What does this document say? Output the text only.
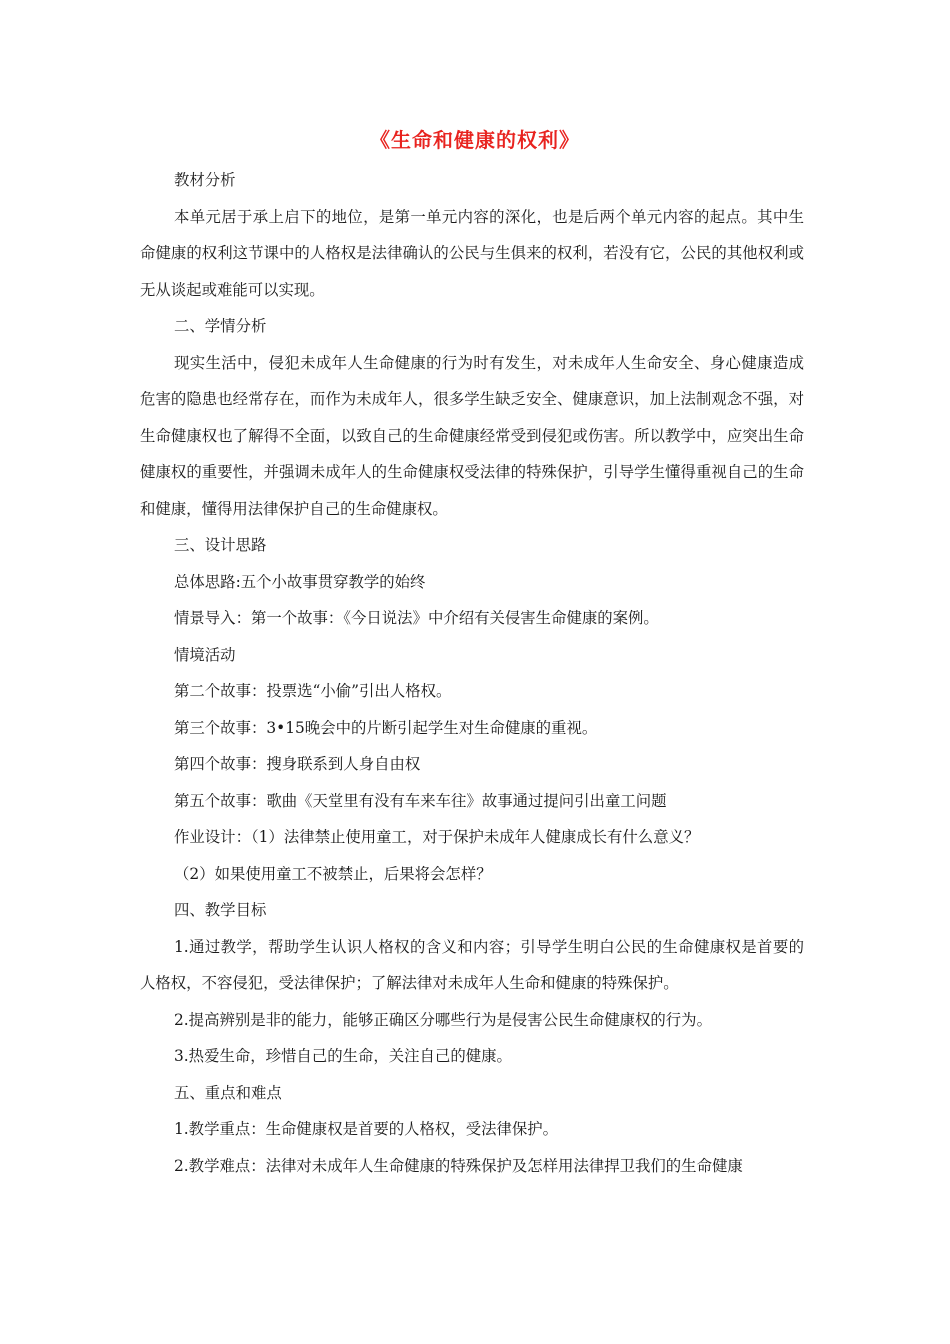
《生命和健康的权利》

教材分析

本单元居于承上启下的地位，是第一单元内容的深化，也是后两个单元内容的起点。其中生命健康的权利这节课中的人格权是法律确认的公民与生俱来的权利，若没有它，公民的其他权利或无从谈起或难能可以实现。

二、学情分析

现实生活中，侵犯未成年人生命健康的行为时有发生，对未成年人生命安全、身心健康造成危害的隐患也经常存在，而作为未成年人，很多学生缺乏安全、健康意识，加上法制观念不强，对生命健康权也了解得不全面，以致自己的生命健康经常受到侵犯或伤害。所以教学中，应突出生命健康权的重要性，并强调未成年人的生命健康权受法律的特殊保护，引导学生懂得重视自己的生命和健康，懂得用法律保护自己的生命健康权。

三、设计思路

总体思路:五个小故事贯穿教学的始终

情景导入：第一个故事：《今日说法》中介绍有关侵害生命健康的案例。

情境活动

第二个故事：投票选“小偷”引出人格权。

第三个故事：3•15晚会中的片断引起学生对生命健康的重视。

第四个故事：搜身联系到人身自由权

第五个故事：歌曲《天堂里有没有车来车往》故事通过提问引出童工问题

作业设计：（1）法律禁止使用童工，对于保护未成年人健康成长有什么意义？

（2）如果使用童工不被禁止，后果将会怎样？

四、教学目标

1.通过教学，帮助学生认识人格权的含义和内容；引导学生明白公民的生命健康权是首要的人格权，不容侵犯，受法律保护；了解法律对未成年人生命和健康的特殊保护。

2.提高辨别是非的能力，能够正确区分哪些行为是侵害公民生命健康权的行为。

3.热爱生命，珍惜自己的生命，关注自己的健康。

五、重点和难点

1.教学重点：生命健康权是首要的人格权，受法律保护。

2.教学难点：法律对未成年人生命健康的特殊保护及怎样用法律捍卫我们的生命健康
